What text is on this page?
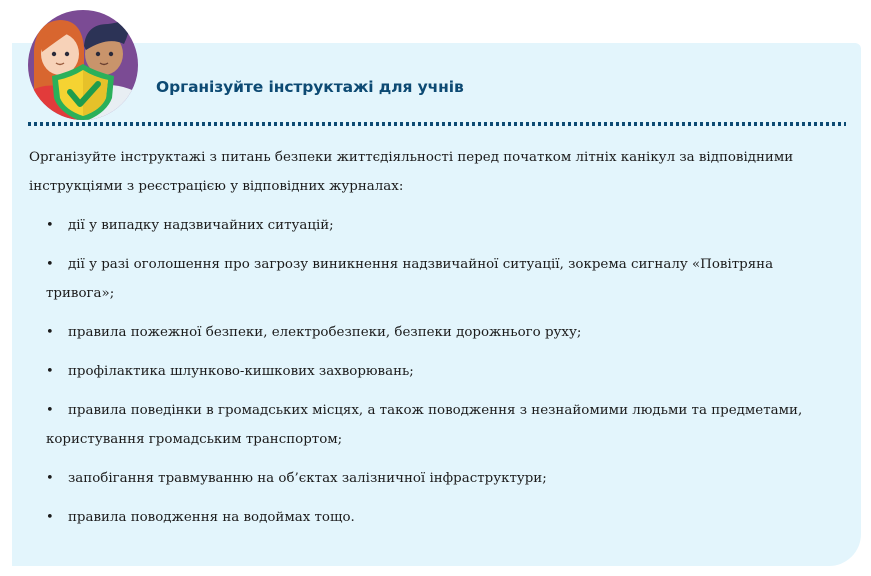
Організуйте інструктажі для учнів

Організуйте інструктажі з питань безпеки життєдіяльності перед початком літніх канікул за відповідними інструкціями з реєстрацією у відповідних журналах:

•	дії у випадку надзвичайних ситуацій;
•	дії у разі оголошення про загрозу виникнення надзвичайної ситуації, зокрема сигналу «Повітряна тривога»;
•	правила пожежної безпеки, електробезпеки, безпеки дорожнього руху;
•	профілактика шлунково-кишкових захворювань;
•	правила поведінки в громадських місцях, а також поводження з незнайомими людьми та предметами, користування громадським транспортом;
•	запобігання травмуванню на об’єктах залізничної інфраструктури;
•	правила поводження на водоймах тощо.
